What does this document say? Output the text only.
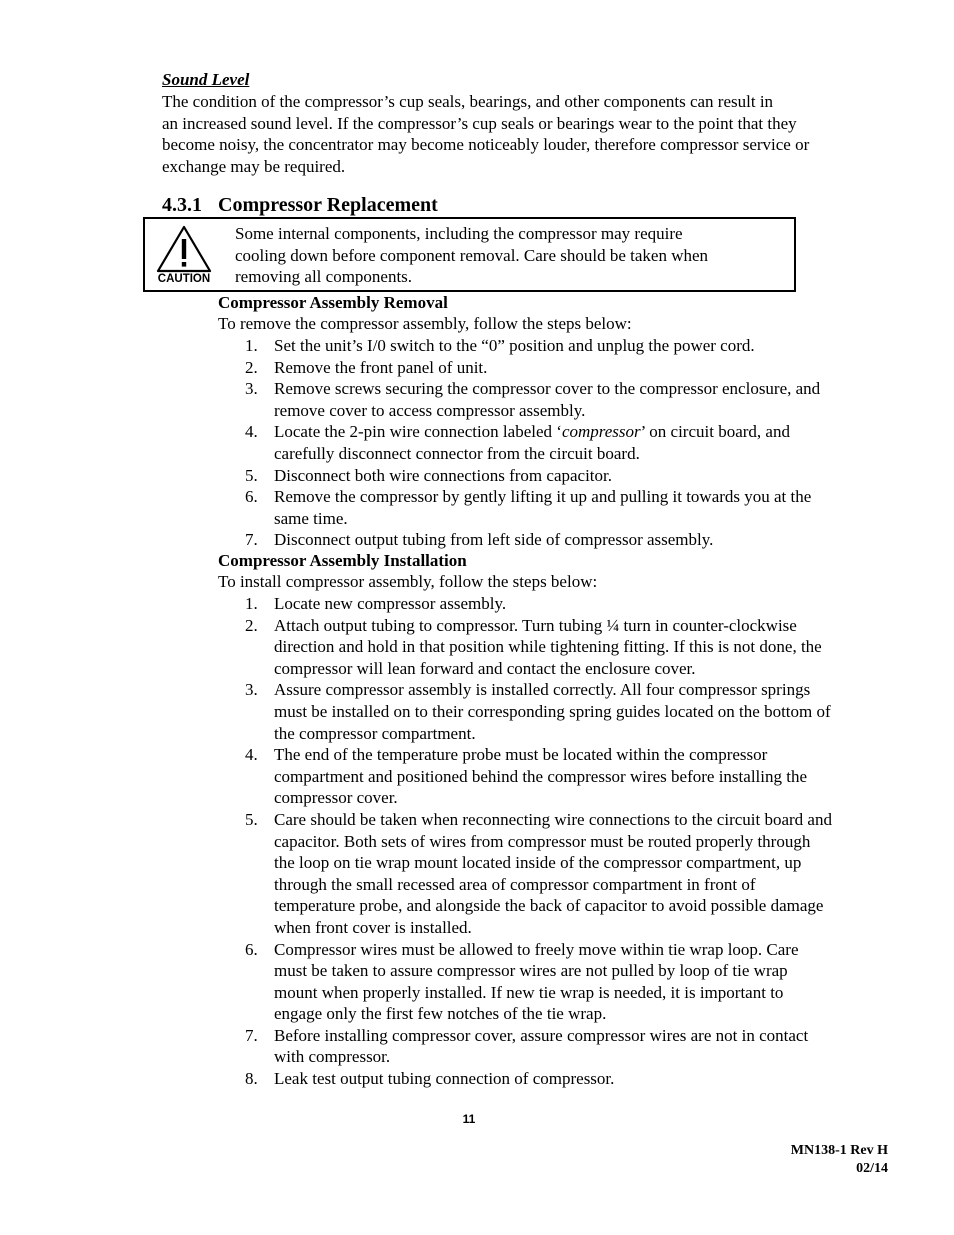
Sound Level
The condition of the compressor’s cup seals, bearings, and other components can result in
an increased sound level. If the compressor’s cup seals or bearings wear to the point that they
become noisy, the concentrator may become noticeably louder, therefore compressor service or
exchange may be required.
4.3.1 Compressor Replacement
CAUTION
Some internal components, including the compressor may require
cooling down before component removal. Care should be taken when
removing all components.
Compressor Assembly Removal
To remove the compressor assembly, follow the steps below:
1. Set the unit’s I/0 switch to the “0” position and unplug the power cord.
2. Remove the front panel of unit.
3. Remove screws securing the compressor cover to the compressor enclosure, and
remove cover to access compressor assembly.
4. Locate the 2-pin wire connection labeled ‘compressor’ on circuit board, and
carefully disconnect connector from the circuit board.
5. Disconnect both wire connections from capacitor.
6. Remove the compressor by gently lifting it up and pulling it towards you at the
same time.
7. Disconnect output tubing from left side of compressor assembly.
Compressor Assembly Installation
To install compressor assembly, follow the steps below:
1. Locate new compressor assembly.
2. Attach output tubing to compressor. Turn tubing ¼ turn in counter-clockwise
direction and hold in that position while tightening fitting. If this is not done, the
compressor will lean forward and contact the enclosure cover.
3. Assure compressor assembly is installed correctly. All four compressor springs
must be installed on to their corresponding spring guides located on the bottom of
the compressor compartment.
4. The end of the temperature probe must be located within the compressor
compartment and positioned behind the compressor wires before installing the
compressor cover.
5. Care should be taken when reconnecting wire connections to the circuit board and
capacitor. Both sets of wires from compressor must be routed properly through
the loop on tie wrap mount located inside of the compressor compartment, up
through the small recessed area of compressor compartment in front of
temperature probe, and alongside the back of capacitor to avoid possible damage
when front cover is installed.
6. Compressor wires must be allowed to freely move within tie wrap loop. Care
must be taken to assure compressor wires are not pulled by loop of tie wrap
mount when properly installed. If new tie wrap is needed, it is important to
engage only the first few notches of the tie wrap.
7. Before installing compressor cover, assure compressor wires are not in contact
with compressor.
8. Leak test output tubing connection of compressor.
11
MN138-1 Rev H
02/14
